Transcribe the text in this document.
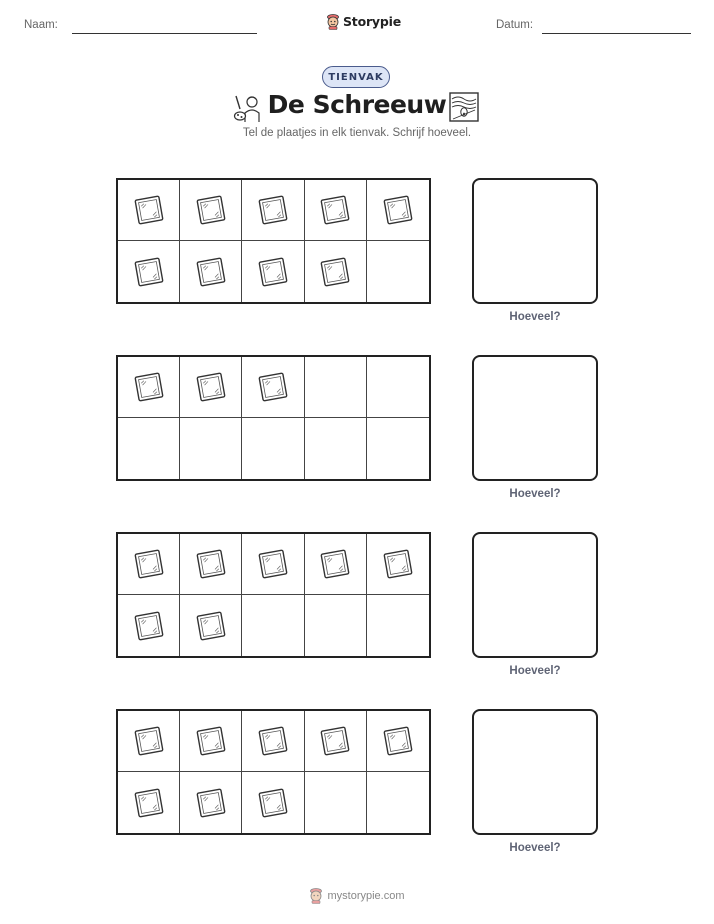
Naam:	Storypie	Datum:
TIENVAK
De Schreeuw
Tel de plaatjes in elk tienvak. Schrijf hoeveel.
Hoeveel?
Hoeveel?
Hoeveel?
Hoeveel?
mystorypie.com
